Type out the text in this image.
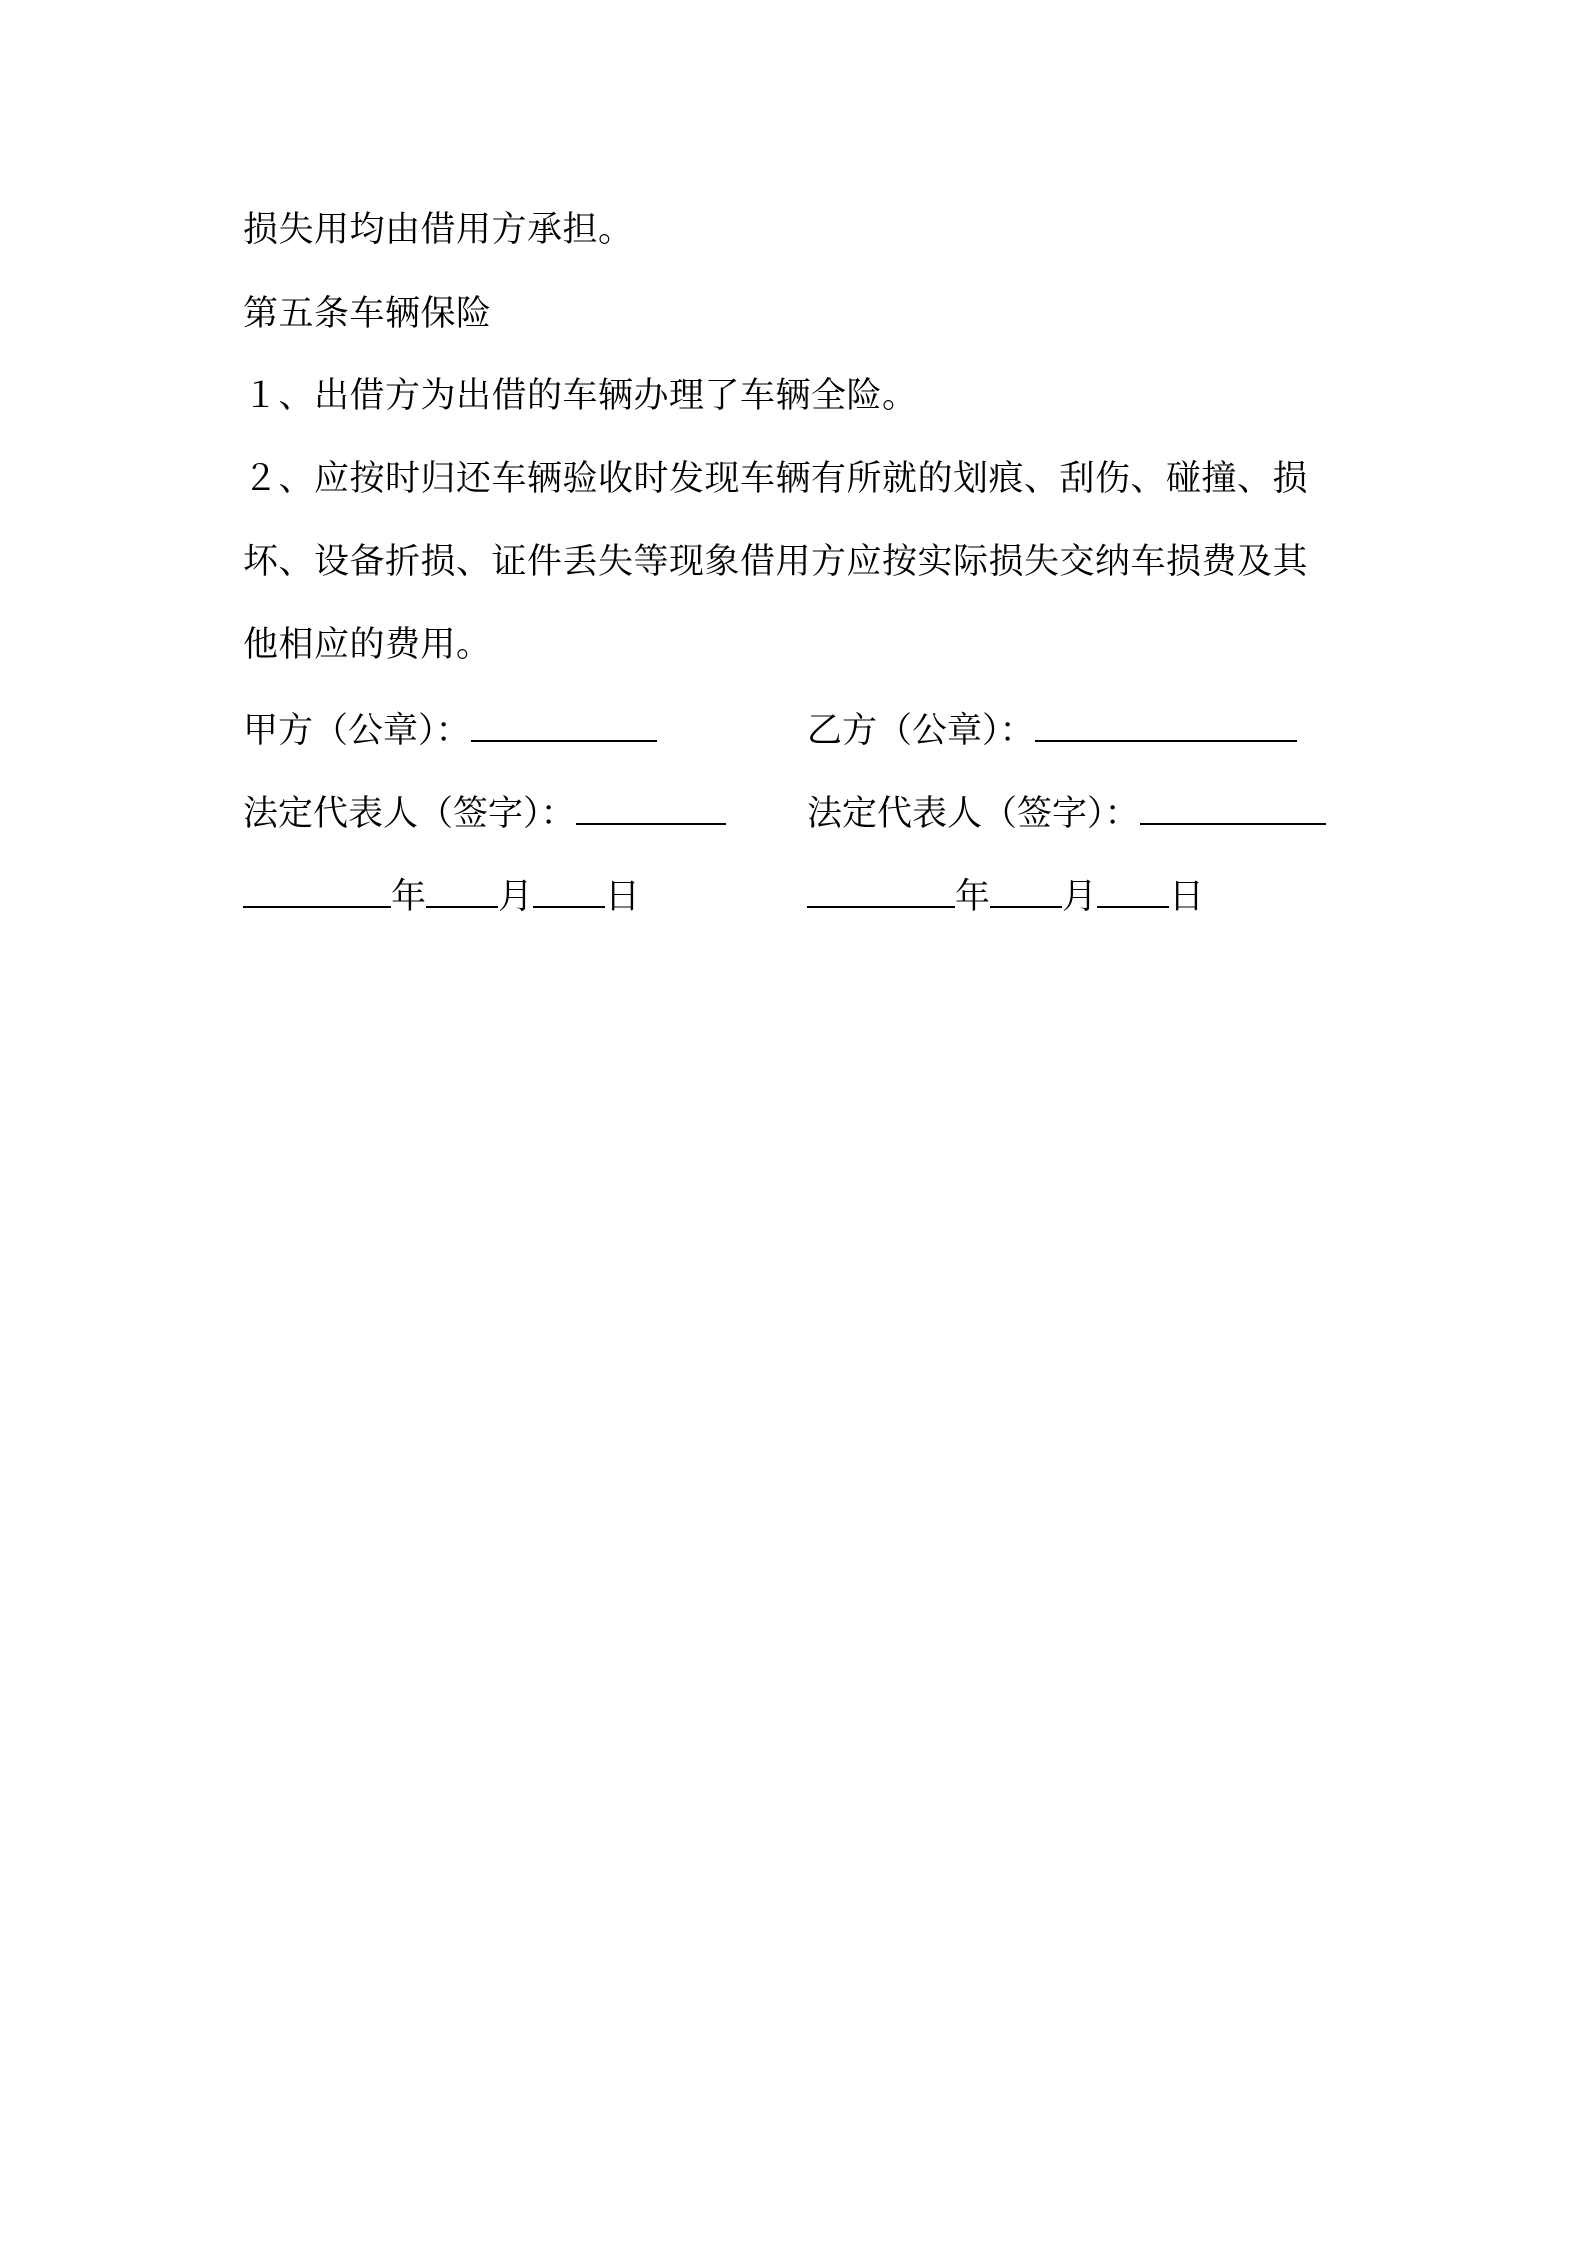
损失用均由借用方承担。
第五条车辆保险
１、出借方为出借的车辆办理了车辆全险。
２、应按时归还车辆验收时发现车辆有所就的划痕、刮伤、碰撞、损
坏、设备折损、证件丢失等现象借用方应按实际损失交纳车损费及其
他相应的费用。
甲方（公章）：	乙方（公章）：
法定代表人（签字）：	法定代表人（签字）：
年 月 日	年 月 日
